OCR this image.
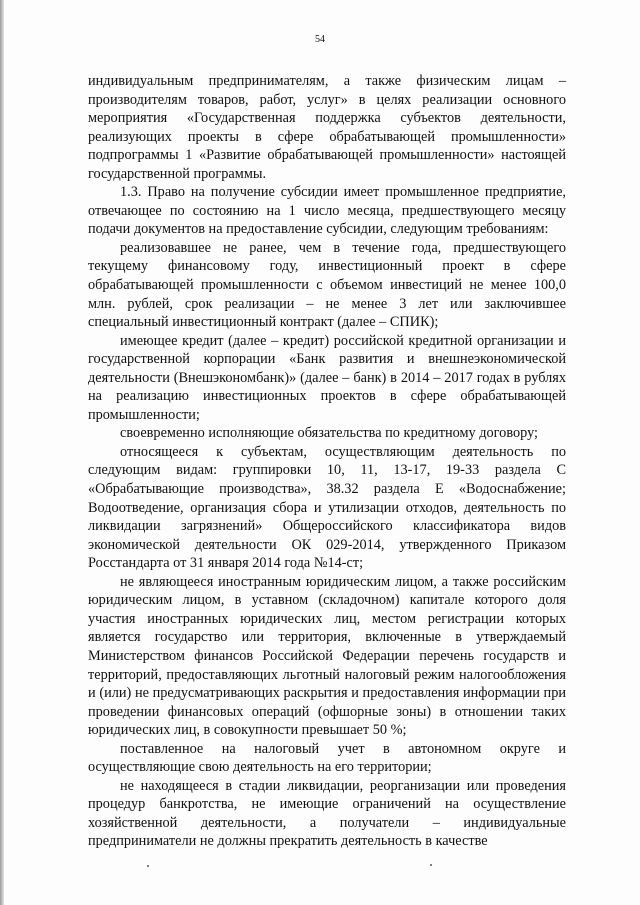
54

индивидуальным предпринимателям, а также физическим лицам – производителям товаров, работ, услуг» в целях реализации основного мероприятия «Государственная поддержка субъектов деятельности, реализующих проекты в сфере обрабатывающей промышленности» подпрограммы 1 «Развитие обрабатывающей промышленности» настоящей государственной программы.

1.3. Право на получение субсидии имеет промышленное предприятие, отвечающее по состоянию на 1 число месяца, предшествующего месяцу подачи документов на предоставление субсидии, следующим требованиям:

реализовавшее не ранее, чем в течение года, предшествующего текущему финансовому году, инвестиционный проект в сфере обрабатывающей промышленности с объемом инвестиций не менее 100,0 млн. рублей, срок реализации – не менее 3 лет или заключившее специальный инвестиционный контракт (далее – СПИК);

имеющее кредит (далее – кредит) российской кредитной организации и государственной корпорации «Банк развития и внешнеэкономической деятельности (Внешэкономбанк)» (далее – банк) в 2014 – 2017 годах в рублях на реализацию инвестиционных проектов в сфере обрабатывающей промышленности;

своевременно исполняющие обязательства по кредитному договору;

относящееся к субъектам, осуществляющим деятельность по следующим видам: группировки 10, 11, 13-17, 19-33 раздела С «Обрабатывающие производства», 38.32 раздела Е «Водоснабжение; Водоотведение, организация сбора и утилизации отходов, деятельность по ликвидации загрязнений» Общероссийского классификатора видов экономической деятельности ОК 029-2014, утвержденного Приказом Росстандарта от 31 января 2014 года №14-ст;

не являющееся иностранным юридическим лицом, а также российским юридическим лицом, в уставном (складочном) капитале которого доля участия иностранных юридических лиц, местом регистрации которых является государство или территория, включенные в утверждаемый Министерством финансов Российской Федерации перечень государств и территорий, предоставляющих льготный налоговый режим налогообложения и (или) не предусматривающих раскрытия и предоставления информации при проведении финансовых операций (офшорные зоны) в отношении таких юридических лиц, в совокупности превышает 50 %;

поставленное на налоговый учет в автономном округе и осуществляющие свою деятельность на его территории;

не находящееся в стадии ликвидации, реорганизации или проведения процедур банкротства, не имеющие ограничений на осуществление хозяйственной деятельности, а получатели – индивидуальные предприниматели не должны прекратить деятельность в качестве
